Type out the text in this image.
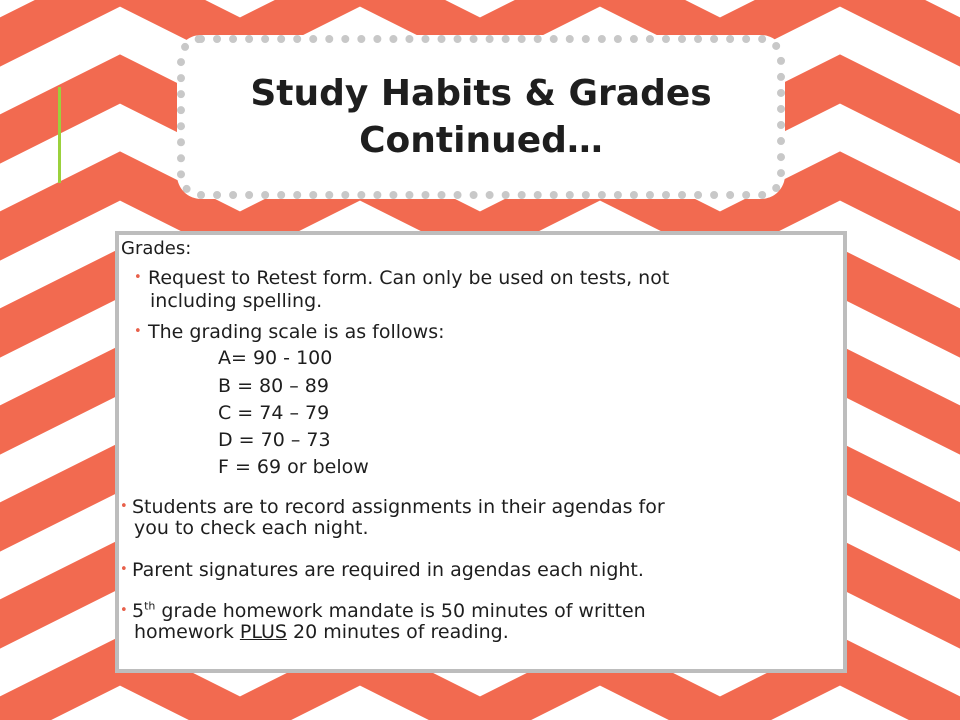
Study Habits & Grades
Continued…

Grades:

• Request to Retest form. Can only be used on tests, not

including spelling.

• The grading scale is as follows:

A= 90 - 100

B = 80 – 89

C = 74 – 79

D = 70 – 73

F = 69 or below

• Students are to record assignments in their agendas for

you to check each night.

• Parent signatures are required in agendas each night.

• 5th grade homework mandate is 50 minutes of written

homework PLUS 20 minutes of reading.
